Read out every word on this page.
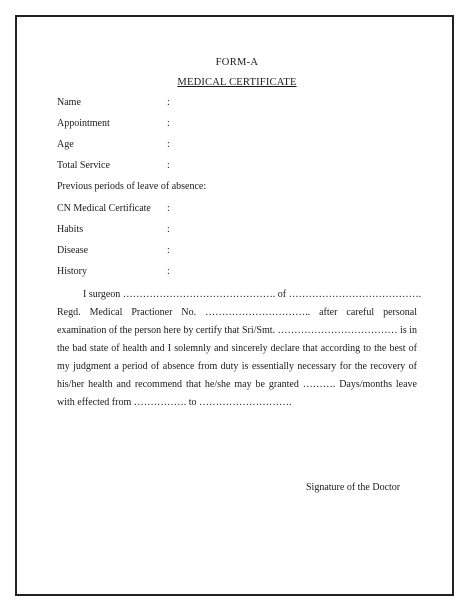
FORM-A
MEDICAL CERTIFICATE
Name	:
Appointment	:
Age	:
Total Service	:
Previous periods of leave of absence:
CN Medical Certificate :
Habits	:
Disease	:
History	:
I surgeon ………………………………………. of ………………………………….
Regd. Medical Practioner No. ………………………….. after careful personal
examination of the person here by certify that Sri/Smt. ……………………………… is in
the bad state of health and I solemnly and sincerely declare that according to the best of
my judgment a period of absence from duty is essentially necessary for the recovery of
his/her health and recommend that he/she may be granted ………. Days/months leave
with effected from ……………. to ……………………….
Signature of the Doctor
